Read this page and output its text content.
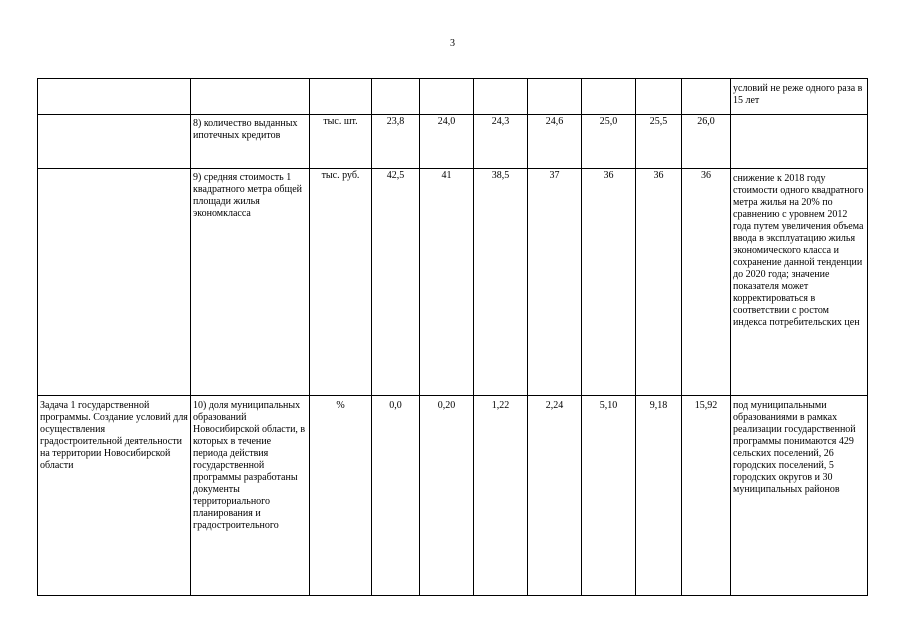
3
										условий не реже одного раза в 15 лет
	8) количество выданных ипотечных кредитов	тыс. шт.	23,8	24,0	24,3	24,6	25,0	25,5	26,0	
	9) средняя стоимость 1 квадратного метра общей площади жилья экономкласса	тыс. руб.	42,5	41	38,5	37	36	36	36	снижение к 2018 году стоимости одного квадратного метра жилья на 20% по сравнению с уровнем 2012 года путем увеличения объема ввода в эксплуатацию жилья экономического класса и сохранение данной тенденции до 2020 года; значение показателя может корректироваться в соответствии с ростом индекса потребительских цен
Задача 1 государственной программы. Создание условий для осуществления градостроительной деятельности на территории Новосибирской области	10) доля муниципальных образований Новосибирской области, в которых в течение периода действия государственной программы разработаны документы территориального планирования и градостроительного	%	0,0	0,20	1,22	2,24	5,10	9,18	15,92	под муниципальными образованиями в рамках реализации государственной программы понимаются 429 сельских поселений, 26 городских поселений, 5 городских округов и 30 муниципальных районов
